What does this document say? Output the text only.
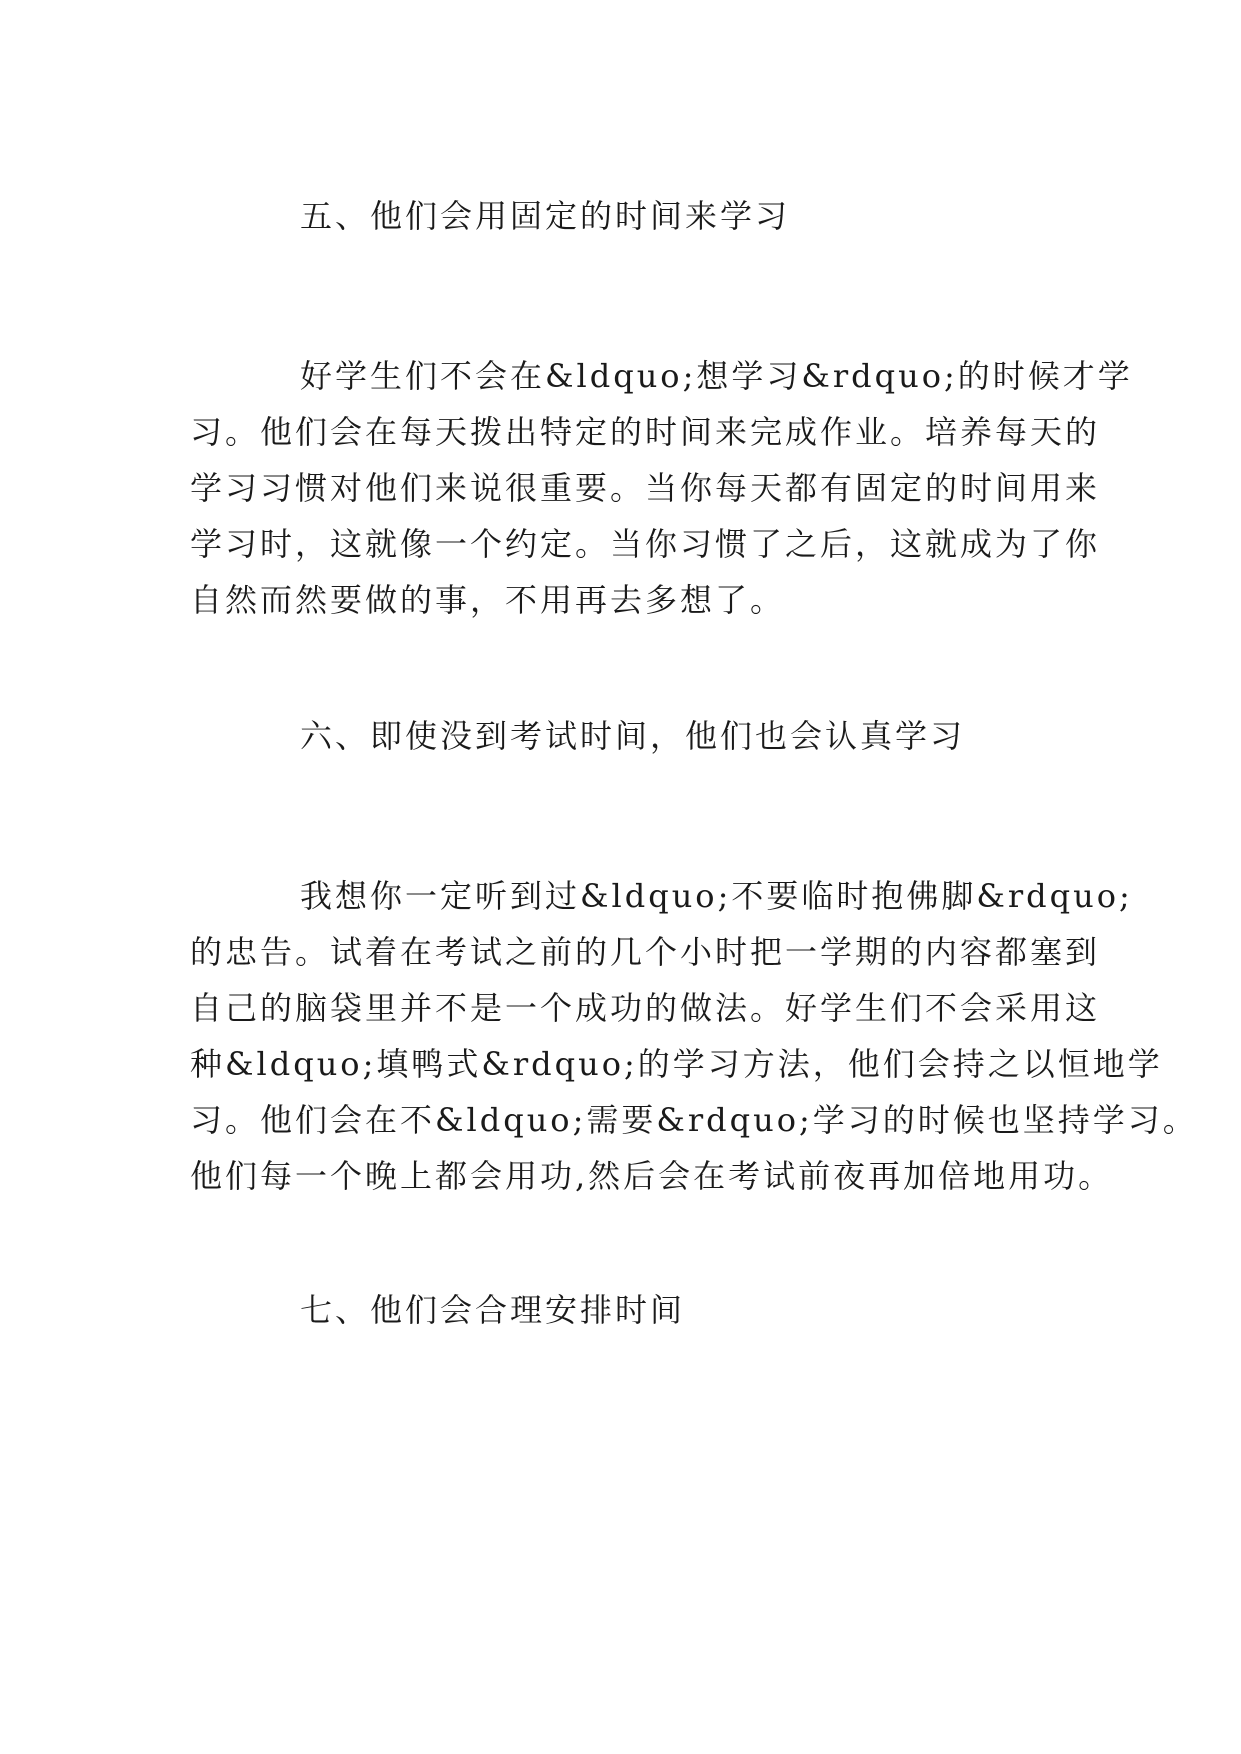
五、他们会用固定的时间来学习
好学生们不会在&ldquo;想学习&rdquo;的时候才学
习。他们会在每天拨出特定的时间来完成作业。培养每天的
学习习惯对他们来说很重要。当你每天都有固定的时间用来
学习时，这就像一个约定。当你习惯了之后，这就成为了你
自然而然要做的事，不用再去多想了。
六、即使没到考试时间，他们也会认真学习
我想你一定听到过&ldquo;不要临时抱佛脚&rdquo;
的忠告。试着在考试之前的几个小时把一学期的内容都塞到
自己的脑袋里并不是一个成功的做法。好学生们不会采用这
种&ldquo;填鸭式&rdquo;的学习方法，他们会持之以恒地学
习。他们会在不&ldquo;需要&rdquo;学习的时候也坚持学习。
他们每一个晚上都会用功,然后会在考试前夜再加倍地用功。
七、他们会合理安排时间
